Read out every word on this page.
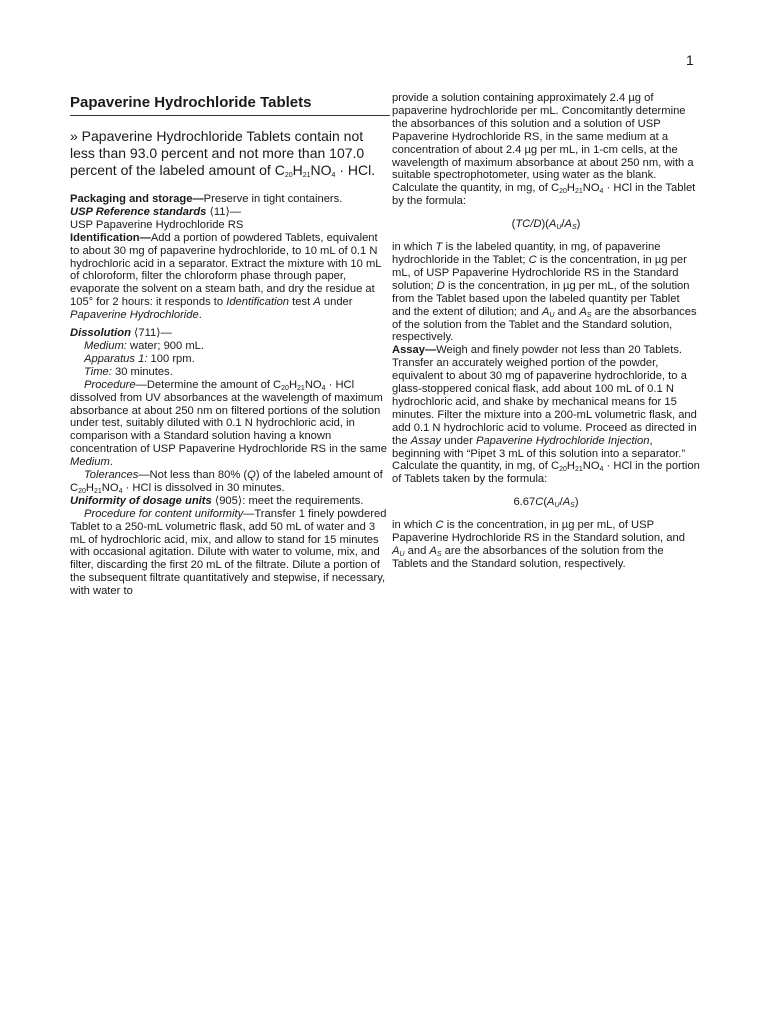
1
Papaverine Hydrochloride Tablets

» Papaverine Hydrochloride Tablets contain not less than 93.0 percent and not more than 107.0 percent of the labeled amount of $C_{20}H_{21}NO_4$ · HCl.

Packaging and storage—Preserve in tight containers.

USP Reference standards ⟨11⟩—

USP Papaverine Hydrochloride RS

Identification—Add a portion of powdered Tablets, equivalent to about 30 mg of papaverine hydrochloride, to 10 mL of 0.1 N hydrochloric acid in a separator. Extract the mixture with 10 mL of chloroform, filter the chloroform phase through paper, evaporate the solvent on a steam bath, and dry the residue at 105° for 2 hours: it responds to Identification test A under Papaverine Hydrochloride.

Dissolution ⟨711⟩—

Medium: water; 900 mL.

Apparatus 1: 100 rpm.

Time: 30 minutes.

Procedure—Determine the amount of $C_{20}H_{21}NO_4$ · HCl dissolved from UV absorbances at the wavelength of maximum absorbance at about 250 nm on filtered portions of the solution under test, suitably diluted with 0.1 N hydrochloric acid, in comparison with a Standard solution having a known concentration of USP Papaverine Hydrochloride RS in the same Medium.

Tolerances—Not less than 80% (Q) of the labeled amount of $C_{20}H_{21}NO_4$ · HCl is dissolved in 30 minutes.

Uniformity of dosage units ⟨905⟩: meet the requirements.

Procedure for content uniformity—Transfer 1 finely powdered Tablet to a 250-mL volumetric flask, add 50 mL of water and 3 mL of hydrochloric acid, mix, and allow to stand for 15 minutes with occasional agitation. Dilute with water to volume, mix, and filter, discarding the first 20 mL of the filtrate. Dilute a portion of the subsequent filtrate quantitatively and stepwise, if necessary, with water to

provide a solution containing approximately 2.4 µg of papaverine hydrochloride per mL. Concomitantly determine the absorbances of this solution and a solution of USP Papaverine Hydrochloride RS, in the same medium at a concentration of about 2.4 µg per mL, in 1-cm cells, at the wavelength of maximum absorbance at about 250 nm, with a suitable spectrophotometer, using water as the blank. Calculate the quantity, in mg, of $C_{20}H_{21}NO_4$ · HCl in the Tablet by the formula:

$(TC/D)(A_U/A_S)$

in which T is the labeled quantity, in mg, of papaverine hydrochloride in the Tablet; C is the concentration, in µg per mL, of USP Papaverine Hydrochloride RS in the Standard solution; D is the concentration, in µg per mL, of the solution from the Tablet based upon the labeled quantity per Tablet and the extent of dilution; and $A_U$ and $A_S$ are the absorbances of the solution from the Tablet and the Standard solution, respectively.

Assay—Weigh and finely powder not less than 20 Tablets. Transfer an accurately weighed portion of the powder, equivalent to about 30 mg of papaverine hydrochloride, to a glass-stoppered conical flask, add about 100 mL of 0.1 N hydrochloric acid, and shake by mechanical means for 15 minutes. Filter the mixture into a 200-mL volumetric flask, and add 0.1 N hydrochloric acid to volume. Proceed as directed in the Assay under Papaverine Hydrochloride Injection, beginning with “Pipet 3 mL of this solution into a separator.” Calculate the quantity, in mg, of $C_{20}H_{21}NO_4$ · HCl in the portion of Tablets taken by the formula:

$6.67C(A_U/A_S)$

in which C is the concentration, in µg per mL, of USP Papaverine Hydrochloride RS in the Standard solution, and $A_U$ and $A_S$ are the absorbances of the solution from the Tablets and the Standard solution, respectively.
